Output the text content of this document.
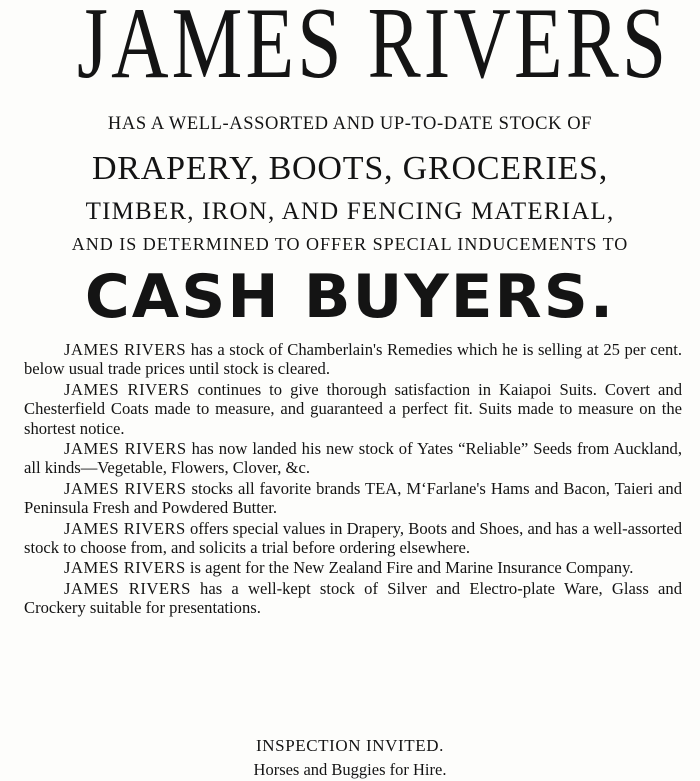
JAMES RIVERS
HAS A WELL-ASSORTED AND UP-TO-DATE STOCK OF
DRAPERY, BOOTS, GROCERIES,
TIMBER, IRON, AND FENCING MATERIAL,
AND IS DETERMINED TO OFFER SPECIAL INDUCEMENTS TO
CASH BUYERS.

JAMES RIVERS has a stock of Chamberlain's Remedies which he is selling at 25 per cent. below usual trade prices until stock is cleared.

JAMES RIVERS continues to give thorough satisfaction in Kaiapoi Suits. Covert and Chesterfield Coats made to measure, and guaranteed a perfect fit. Suits made to measure on the shortest notice.

JAMES RIVERS has now landed his new stock of Yates “Reliable” Seeds from Auckland, all kinds—Vegetable, Flowers, Clover, &c.

JAMES RIVERS stocks all favorite brands TEA, M‘Farlane's Hams and Bacon, Taieri and Peninsula Fresh and Powdered Butter.

JAMES RIVERS offers special values in Drapery, Boots and Shoes, and has a well-assorted stock to choose from, and solicits a trial before ordering elsewhere.

JAMES RIVERS is agent for the New Zealand Fire and Marine Insurance Company.

JAMES RIVERS has a well-kept stock of Silver and Electro-plate Ware, Glass and Crockery suitable for presentations.

INSPECTION INVITED.
Horses and Buggies for Hire.
